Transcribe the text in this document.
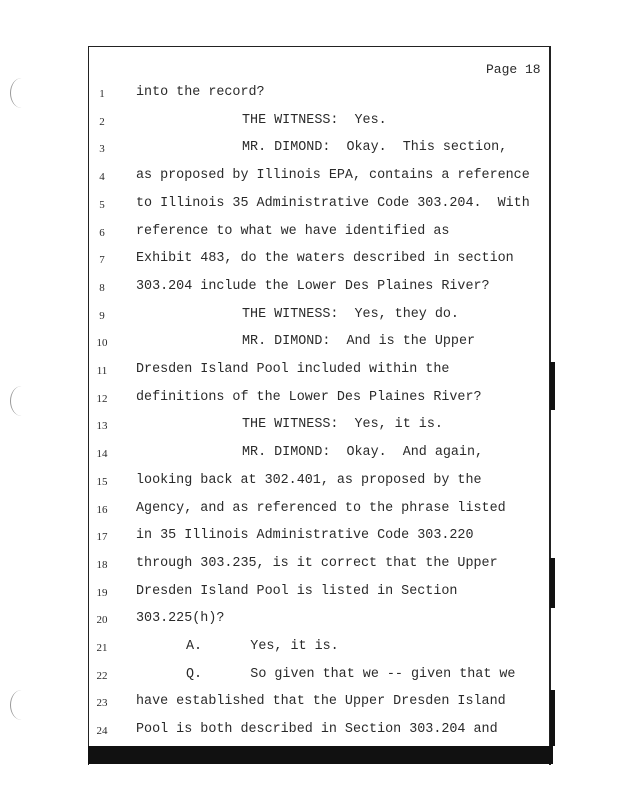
Page 18
1	into the record?
2	THE WITNESS:  Yes.
3	MR. DIMOND:  Okay.  This section,
4	as proposed by Illinois EPA, contains a reference
5	to Illinois 35 Administrative Code 303.204.  With
6	reference to what we have identified as
7	Exhibit 483, do the waters described in section
8	303.204 include the Lower Des Plaines River?
9	THE WITNESS:  Yes, they do.
10	MR. DIMOND:  And is the Upper
11	Dresden Island Pool included within the
12	definitions of the Lower Des Plaines River?
13	THE WITNESS:  Yes, it is.
14	MR. DIMOND:  Okay.  And again,
15	looking back at 302.401, as proposed by the
16	Agency, and as referenced to the phrase listed
17	in 35 Illinois Administrative Code 303.220
18	through 303.235, is it correct that the Upper
19	Dresden Island Pool is listed in Section
20	303.225(h)?
21	A.      Yes, it is.
22	Q.      So given that we -- given that we
23	have established that the Upper Dresden Island
24	Pool is both described in Section 303.204 and
